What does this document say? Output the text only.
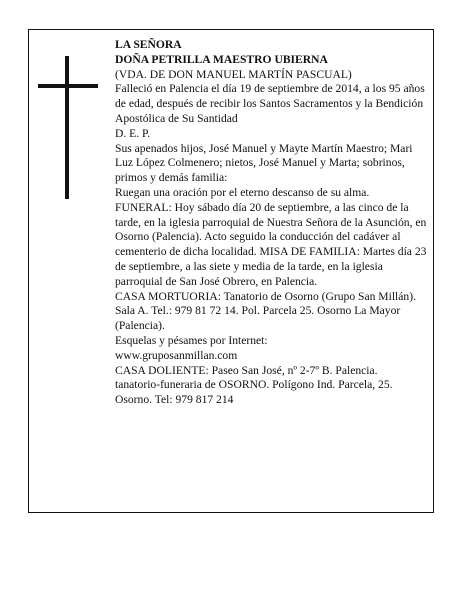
LA SEÑORA

DOÑA PETRILLA MAESTRO UBIERNA

(VDA. DE DON MANUEL MARTÍN PASCUAL)

Falleció en Palencia el día 19 de septiembre de 2014, a los 95 años de edad, después de recibir los Santos Sacramentos y la Bendición Apostólica de Su Santidad

D. E. P.

Sus apenados hijos, José Manuel y Mayte Martín Maestro; Mari Luz López Colmenero; nietos, José Manuel y Marta; sobrinos, primos y demás familia:

Ruegan una oración por el eterno descanso de su alma.

FUNERAL: Hoy sábado día 20 de septiembre, a las cinco de la tarde, en la iglesia parroquial de Nuestra Señora de la Asunción, en Osorno (Palencia). Acto seguido la conducción del cadáver al cementerio de dicha localidad. MISA DE FAMILIA: Martes día 23 de septiembre, a las siete y media de la tarde, en la iglesia parroquial de San José Obrero, en Palencia.

CASA MORTUORIA: Tanatorio de Osorno (Grupo San Millán). Sala A. Tel.: 979 81 72 14. Pol. Parcela 25. Osorno La Mayor (Palencia).

Esquelas y pésames por Internet:

www.gruposanmillan.com

CASA DOLIENTE: Paseo San José, nº 2-7º B. Palencia.

tanatorio-funeraria de OSORNO. Polígono Ind. Parcela, 25. Osorno. Tel: 979 817 214
